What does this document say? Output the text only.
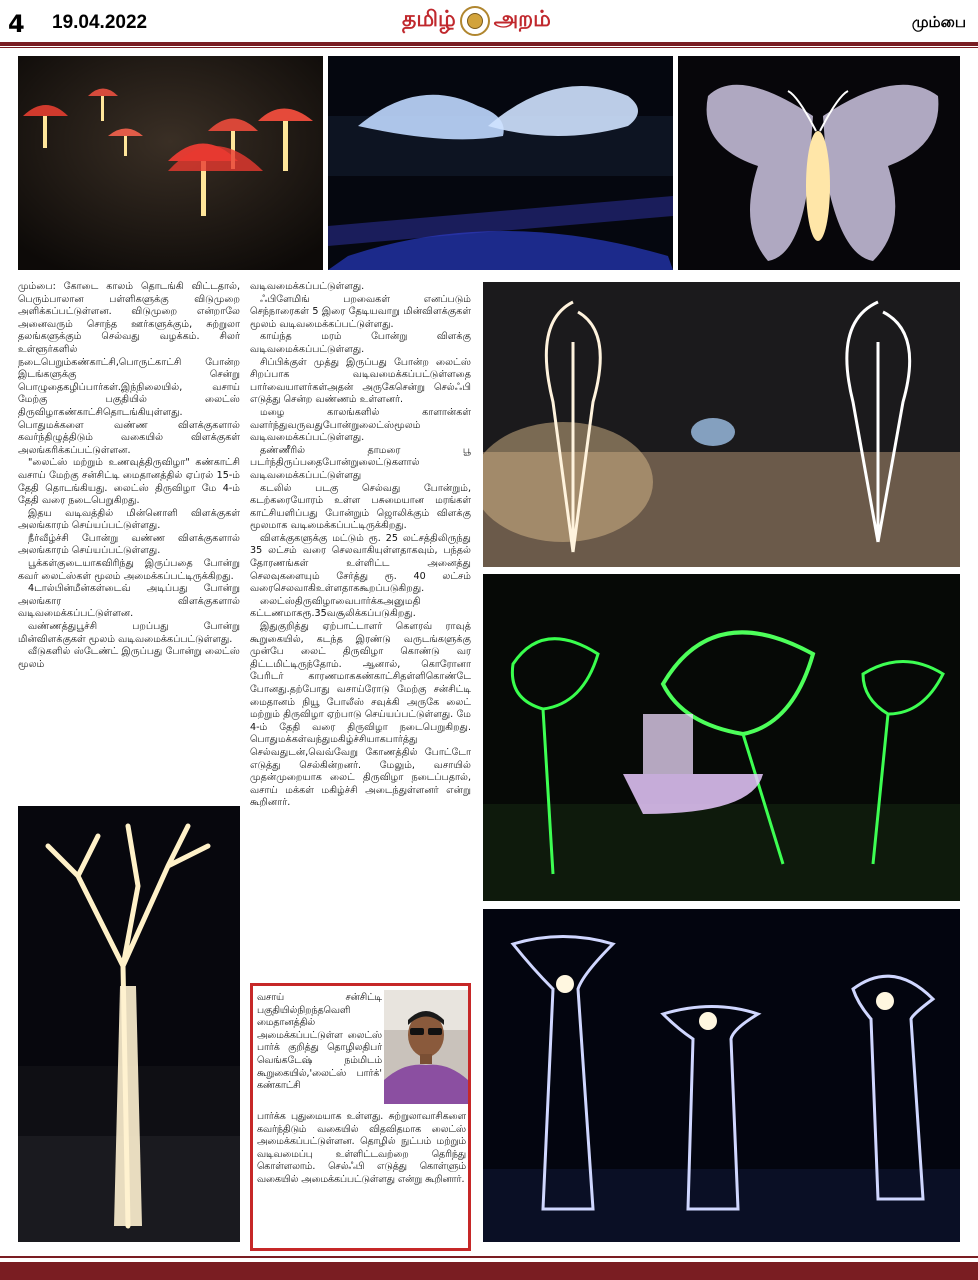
4 19.04.2022	தமிழ் அறம்	மும்பை

மும்பை: கோடை காலம் தொடங்கி விட்டதால், பெரும்பாலான பள்ளிகளுக்கு விடுமுறை அளிக்கப்பட்டுள்ளன. விடுமுறை என்றாலே அனைவரும் சொந்த ஊர்களுக்கும், சுற்றுலா தலங்களுக்கும் செல்வது வழக்கம். சிலர் உள்ளூர்களில் நடைபெறும்கண்காட்சி,பொருட்காட்சி போன்ற இடங்களுக்கு சென்று பொழுதைகழிப்பார்கள்.இந்நிலையில், வசாய் மேற்கு பகுதியில் லைட்ஸ் திருவிழாகண்காட்சிதொடங்கியுள்ளது. பொதுமக்களை வண்ண விளக்குகளால் கவர்ந்திழுத்திடும் வகையில் விளக்குகள் அலங்கரிக்கப்பட்டுள்ளன.

"லைட்ஸ் மற்றும் உணவுத்திருவிழா" கண்காட்சி வசாய் மேற்கு சன்சிட்டி மைதானத்தில் ஏப்ரல் 15-ம் தேதி தொடங்கியது. லைட்ஸ் திருவிழா மே 4-ம் தேதி வரை நடைபெறுகிறது.

இதய வடிவத்தில் மின்னொளி விளக்குகள் அலங்காரம் செய்யப்பட்டுள்ளது.

நீர்வீழ்ச்சி போன்று வண்ண விளக்குகளால் அலங்காரம் செய்யப்பட்டுள்ளது.

பூக்கள்குடையாகவிரிந்து இருப்பதை போன்று கவர் லைட்ஸ்கள் மூலம் அமைக்கப்பட்டிருக்கிறது.

4டால்பின்மீன்கள்டைவ் அடிப்பது போன்று அலங்கார விளக்குகளால் வடிவமைக்கப்பட்டுள்ளன.

வண்ணத்துபூச்சி பறப்பது போன்று மின்விளக்குகள் மூலம் வடிவமைக்கப்பட்டுள்ளது.

வீடுகளில் ஸ்டேண்ட் இருப்பது போன்று லைட்ஸ் மூலம்

வடிவமைக்கப்பட்டுள்ளது.

ஃபிளேமிங் பறவைகள் எனப்படும் செந்நாரைகள் 5 இரை தேடியவாறு மின்விளக்குகள் மூலம் வடிவமைக்கப்பட்டுள்ளது.

காய்ந்த மரம் போன்று விளக்கு வடிவமைக்கப்பட்டுள்ளது.

சிப்பிக்குள் முத்து இருப்பது போன்ற லைட்ஸ் சிறப்பாக வடிவமைக்கப்பட்டுள்ளதை பார்வையாளர்கள்அதன் அருகேசென்று செல்ஃபி எடுத்து சென்ற வண்ணம் உள்ளனர்.

மழை காலங்களில் காளான்கள் வளர்ந்துவருவதுபோன்றுலைட்ஸ்மூலம் வடிவமைக்கப்பட்டுள்ளது.

தண்ணீரில் தாமரை பூ படர்ந்திருப்பதைபோன்றுலைட்டுகளால் வடிவமைக்கப்பட்டுள்ளது

கடலில் படகு செல்வது போன்றும், கடற்கரையோரம் உள்ள பசுமையான மரங்கள் காட்சியளிப்பது போன்றும் ஜொலிக்கும் விளக்கு மூலமாக வடிமைக்கப்பட்டிருக்கிறது.

விளக்குகளுக்கு மட்டும் ரூ. 25 லட்சத்திலிருந்து 35 லட்சம் வரை செலவாகியுள்ளதாகவும், பந்தல் தோரணங்கள் உள்ளிட்ட அனைத்து செலவுகளையும் சேர்த்து ரூ. 40 லட்சம் வரைசெலவாகிஉள்ளதாககூறப்படுகிறது.

லைட்ஸ்திருவிழாவைபார்க்கஅனுமதி கட்டணமாகரூ.35வசூலிக்கப்படுகிறது.

இதுகுறித்து ஏற்பாட்டாளர் கௌரவ் ராவுத் கூறுகையில், கடந்த இரண்டு வருடங்களுக்கு முன்பே லைட் திருவிழா கொண்டு வர திட்டமிட்டிருந்தோம். ஆனால், கொரோனா பேரிடர் காரணமாககண்காட்சிதள்ளிகொண்டே போனது.தற்போது வசாய்ரோடு மேற்கு சன்சிட்டி மைதானம் நியூ போலீஸ் சவுக்கி அருகே லைட் மற்றும் திருவிழா ஏற்பாடு செய்யப்பட்டுள்ளது. மே 4-ம் தேதி வரை திருவிழா நடைபெறுகிறது. பொதுமக்கள்வந்துமகிழ்ச்சியாகபார்த்து செல்வதுடன்,வெவ்வேறு கோணத்தில் போட்டோ எடுத்து செல்கின்றனர். மேலும், வசாயில் முதன்முறையாக லைட் திருவிழா நடைப்பதால், வசாய் மக்கள் மகிழ்ச்சி அடைந்துள்ளனர் என்று கூறினார்.

வசாய் சன்சிட்டி பகுதியில்நிறந்தவெளி மைதானத்தில் அமைக்கப்பட்டுள்ள லைட்ஸ் பார்க் குறித்து தொழிலதிபர் வெங்கடேஷ் நம்மிடம் கூறுகையில்,'லைட்ஸ் பார்க்' கண்காட்சி
பார்க்க புதுமையாக உள்ளது. சுற்றுலாவாசிகளை கவர்ந்திடும் வகையில் விதவிதமாக லைட்ஸ் அமைக்கப்பட்டுள்ளன. தொழில் நுட்பம் மற்றும் வடிவமைப்பு உள்ளிட்டவற்றை தெரிந்து கொள்ளலாம். செல்ஃபி எடுத்து கொள்ளும் வகையில் அமைக்கப்பட்டுள்ளது என்று கூறினார்.
